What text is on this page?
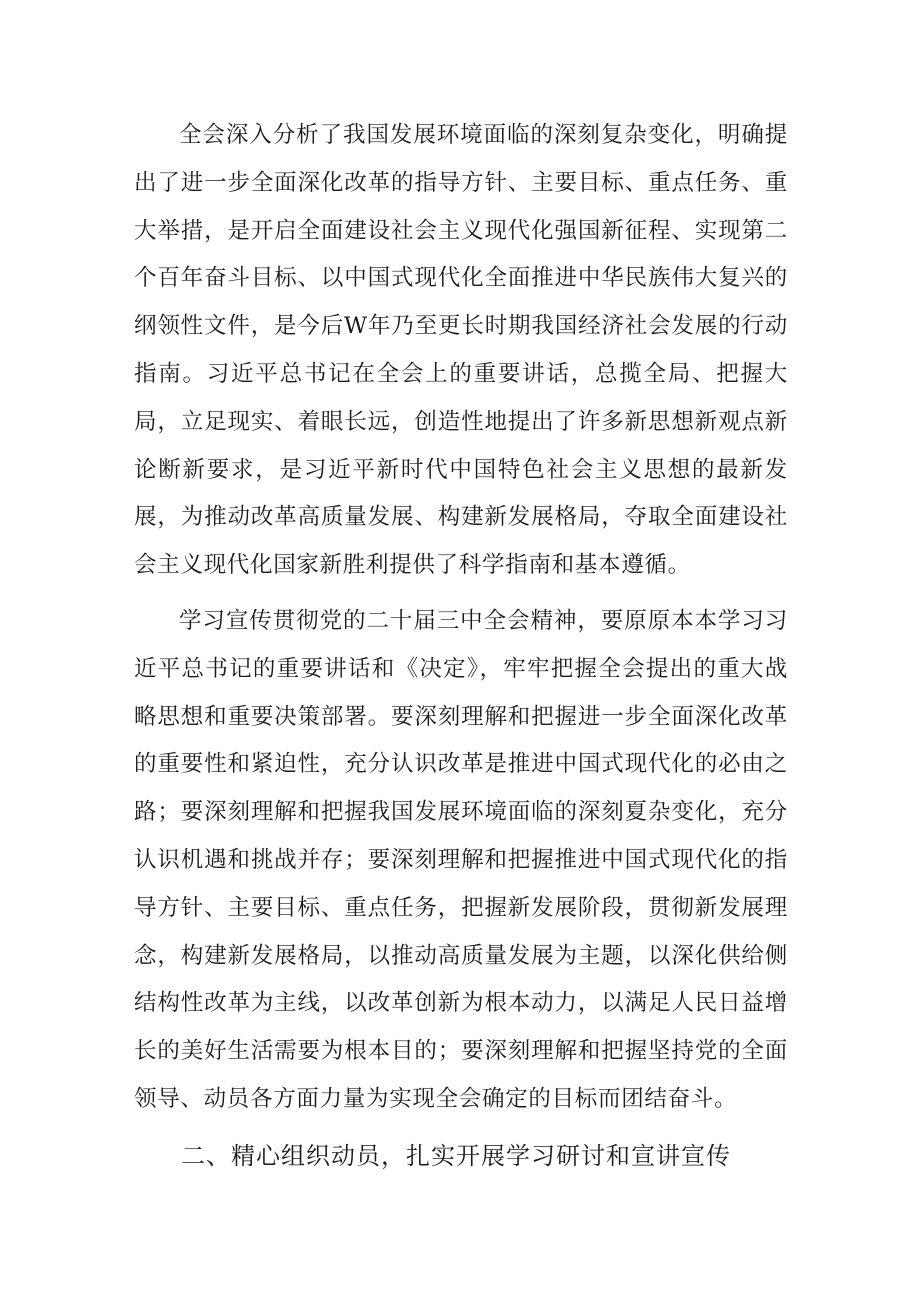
全会深入分析了我国发展环境面临的深刻复杂变化，明确提出了进一步全面深化改革的指导方针、主要目标、重点任务、重大举措，是开启全面建设社会主义现代化强国新征程、实现第二个百年奋斗目标、以中国式现代化全面推进中华民族伟大复兴的纲领性文件，是今后W年乃至更长时期我国经济社会发展的行动指南。习近平总书记在全会上的重要讲话，总揽全局、把握大局，立足现实、着眼长远，创造性地提出了许多新思想新观点新论断新要求，是习近平新时代中国特色社会主义思想的最新发展，为推动改革高质量发展、构建新发展格局，夺取全面建设社会主义现代化国家新胜利提供了科学指南和基本遵循。

学习宣传贯彻党的二十届三中全会精神，要原原本本学习习近平总书记的重要讲话和《决定》，牢牢把握全会提出的重大战略思想和重要决策部署。要深刻理解和把握进一步全面深化改革的重要性和紧迫性，充分认识改革是推进中国式现代化的必由之路；要深刻理解和把握我国发展环境面临的深刻夏杂变化，充分认识机遇和挑战并存；要深刻理解和把握推进中国式现代化的指导方针、主要目标、重点任务，把握新发展阶段，贯彻新发展理念，构建新发展格局，以推动高质量发展为主题，以深化供给侧结构性改革为主线，以改革创新为根本动力，以满足人民日益增长的美好生活需要为根本目的；要深刻理解和把握坚持党的全面领导、动员各方面力量为实现全会确定的目标而团结奋斗。

二、精心组织动员，扎实开展学习研讨和宣讲宣传
